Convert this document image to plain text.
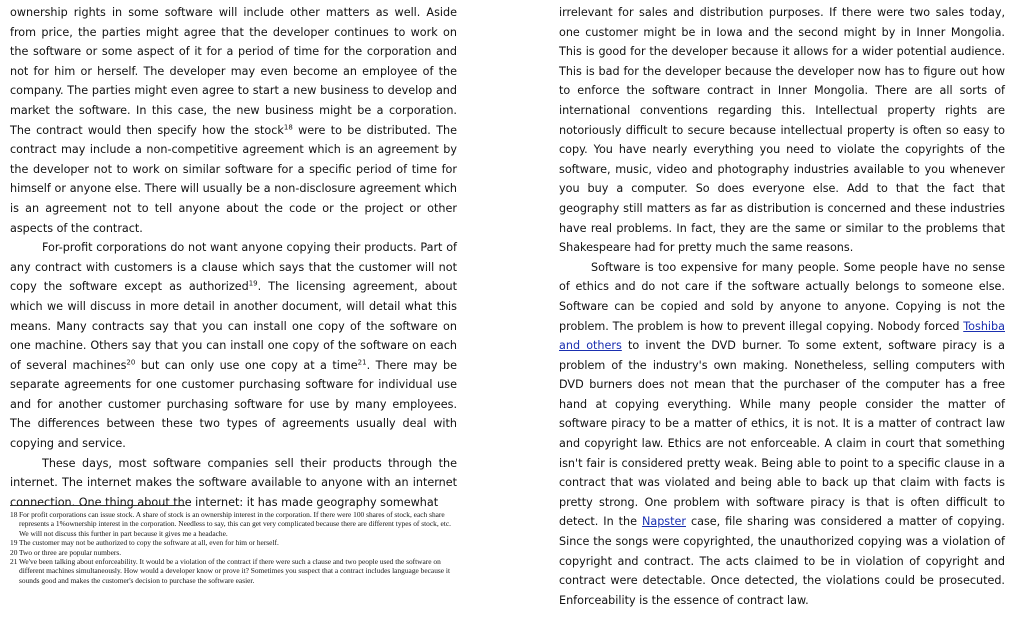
ownership rights in some software will include other matters as well. Aside from price, the parties might agree that the developer continues to work on the software or some aspect of it for a period of time for the corporation and not for him or herself. The developer may even become an employee of the company. The parties might even agree to start a new business to develop and market the software. In this case, the new business might be a corporation. The contract would then specify how the stock$^{18}$ were to be distributed. The contract may include a non-competitive agreement which is an agreement by the developer not to work on similar software for a specific period of time for himself or anyone else. There will usually be a non-disclosure agreement which is an agreement not to tell anyone about the code or the project or other aspects of the contract.

For-profit corporations do not want anyone copying their products. Part of any contract with customers is a clause which says that the customer will not copy the software except as authorized$^{19}$. The licensing agreement, about which we will discuss in more detail in another document, will detail what this means. Many contracts say that you can install one copy of the software on one machine. Others say that you can install one copy of the software on each of several machines$^{20}$ but can only use one copy at a time$^{21}$. There may be separate agreements for one customer purchasing software for individual use and for another customer purchasing software for use by many employees. The differences between these two types of agreements usually deal with copying and service.

These days, most software companies sell their products through the internet. The internet makes the software available to anyone with an internet connection. One thing about the internet: it has made geography somewhat

18 For profit corporations can issue stock. A share of stock is an ownership interest in the corporation. If there were 100 shares of stock, each share represents a 1%ownership interest in the corporation. Needless to say, this can get very complicated because there are different types of stock, etc. We will not discuss this further in part because it gives me a headache.

19 The customer may not be authorized to copy the software at all, even for him or herself.

20 Two or three are popular numbers.

21 We've been talking about enforceability. It would be a violation of the contract if there were such a clause and two people used the software on different machines simultaneously. How would a developer know or prove it? Sometimes you suspect that a contract includes language because it sounds good and makes the customer's decision to purchase the software easier.

irrelevant for sales and distribution purposes. If there were two sales today, one customer might be in Iowa and the second might by in Inner Mongolia. This is good for the developer because it allows for a wider potential audience. This is bad for the developer because the developer now has to figure out how to enforce the software contract in Inner Mongolia. There are all sorts of international conventions regarding this. Intellectual property rights are notoriously difficult to secure because intellectual property is often so easy to copy. You have nearly everything you need to violate the copyrights of the software, music, video and photography industries available to you whenever you buy a computer. So does everyone else. Add to that the fact that geography still matters as far as distribution is concerned and these industries have real problems. In fact, they are the same or similar to the problems that Shakespeare had for pretty much the same reasons.

Software is too expensive for many people. Some people have no sense of ethics and do not care if the software actually belongs to someone else. Software can be copied and sold by anyone to anyone. Copying is not the problem. The problem is how to prevent illegal copying. Nobody forced Toshiba and others to invent the DVD burner. To some extent, software piracy is a problem of the industry's own making. Nonetheless, selling computers with DVD burners does not mean that the purchaser of the computer has a free hand at copying everything. While many people consider the matter of software piracy to be a matter of ethics, it is not. It is a matter of contract law and copyright law. Ethics are not enforceable. A claim in court that something isn't fair is considered pretty weak. Being able to point to a specific clause in a contract that was violated and being able to back up that claim with facts is pretty strong. One problem with software piracy is that is often difficult to detect. In the Napster case, file sharing was considered a matter of copying. Since the songs were copyrighted, the unauthorized copying was a violation of copyright and contract. The acts claimed to be in violation of copyright and contract were detectable. Once detected, the violations could be prosecuted. Enforceability is the essence of contract law.
